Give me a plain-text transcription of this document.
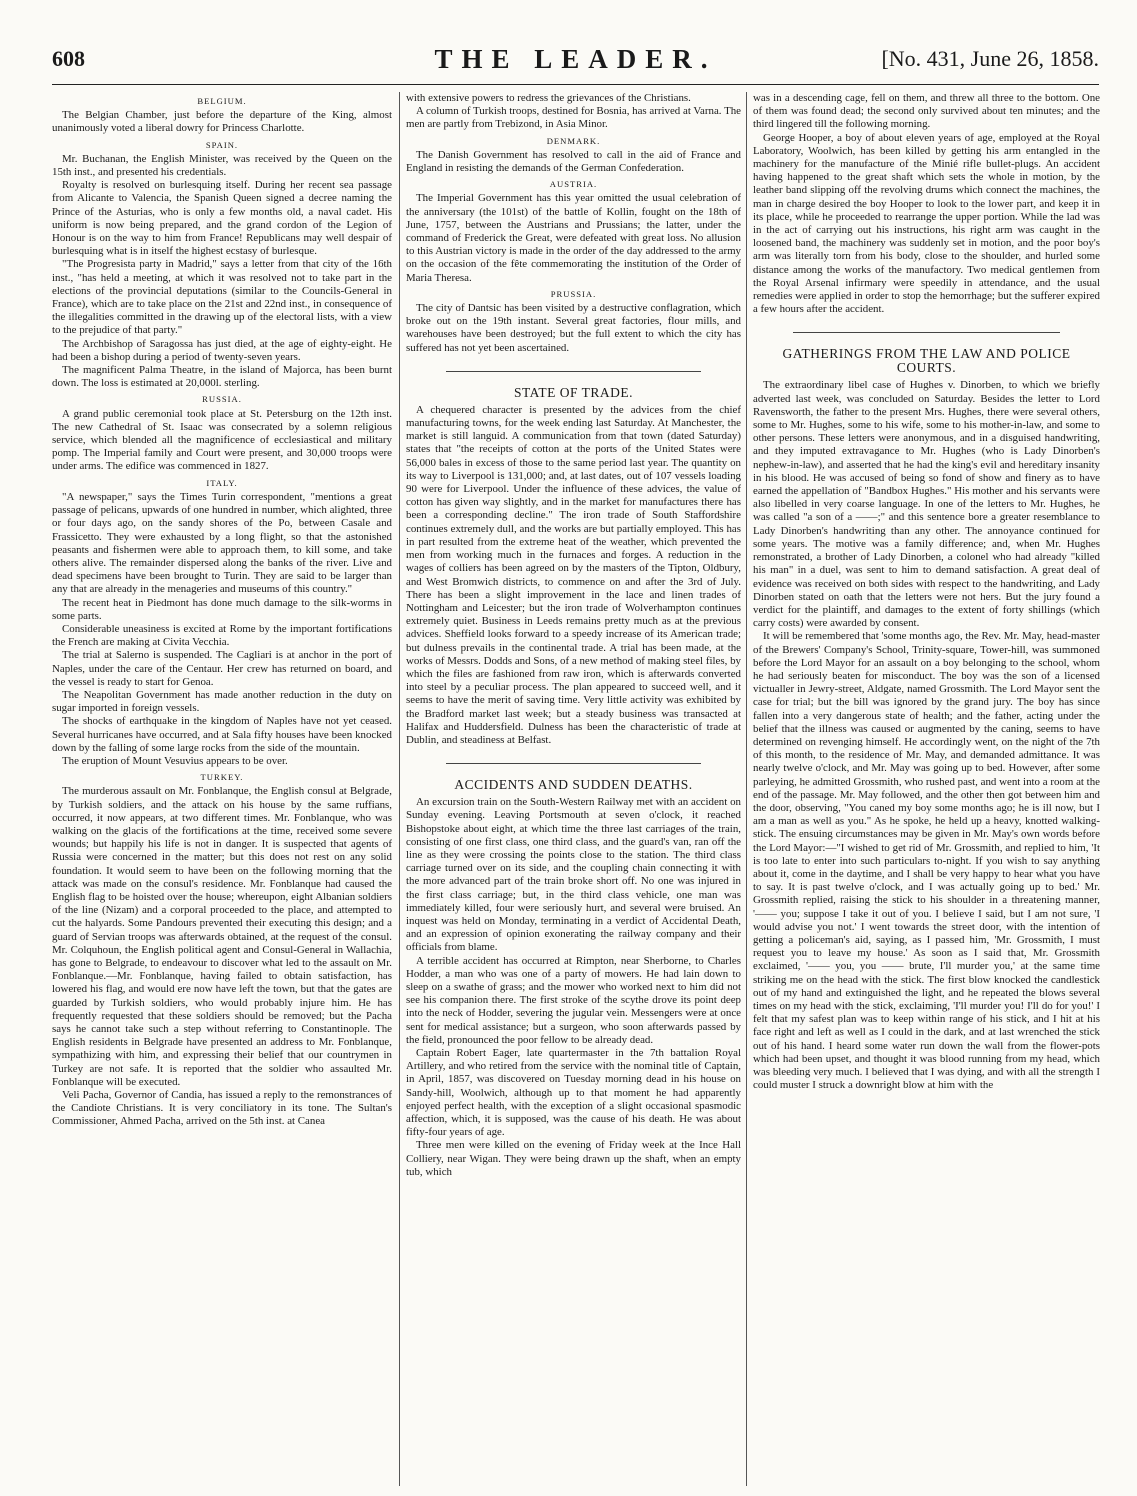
608	THE LEADER.	[No. 431, June 26, 1858.
BELGIUM.

The Belgian Chamber, just before the departure of the King, almost unanimously voted a liberal dowry for Princess Charlotte.

SPAIN.

Mr. Buchanan, the English Minister, was received by the Queen on the 15th inst., and presented his credentials.

Royalty is resolved on burlesquing itself. During her recent sea passage from Alicante to Valencia, the Spanish Queen signed a decree naming the Prince of the Asturias, who is only a few months old, a naval cadet. His uniform is now being prepared, and the grand cordon of the Legion of Honour is on the way to him from France! Republicans may well despair of burlesquing what is in itself the highest ecstasy of burlesque.

"The Progresista party in Madrid," says a letter from that city of the 16th inst., "has held a meeting, at which it was resolved not to take part in the elections of the provincial deputations (similar to the Councils-General in France), which are to take place on the 21st and 22nd inst., in consequence of the illegalities committed in the drawing up of the electoral lists, with a view to the prejudice of that party."

The Archbishop of Saragossa has just died, at the age of eighty-eight. He had been a bishop during a period of twenty-seven years.

The magnificent Palma Theatre, in the island of Majorca, has been burnt down. The loss is estimated at 20,000l. sterling.

RUSSIA.

A grand public ceremonial took place at St. Petersburg on the 12th inst. The new Cathedral of St. Isaac was consecrated by a solemn religious service, which blended all the magnificence of ecclesiastical and military pomp. The Imperial family and Court were present, and 30,000 troops were under arms. The edifice was commenced in 1827.

ITALY.

"A newspaper," says the Times Turin correspondent, "mentions a great passage of pelicans, upwards of one hundred in number, which alighted, three or four days ago, on the sandy shores of the Po, between Casale and Frassicetto. They were exhausted by a long flight, so that the astonished peasants and fishermen were able to approach them, to kill some, and take others alive. The remainder dispersed along the banks of the river. Live and dead specimens have been brought to Turin. They are said to be larger than any that are already in the menageries and museums of this country."

The recent heat in Piedmont has done much damage to the silk-worms in some parts.

Considerable uneasiness is excited at Rome by the important fortifications the French are making at Civita Vecchia.

The trial at Salerno is suspended. The Cagliari is at anchor in the port of Naples, under the care of the Centaur. Her crew has returned on board, and the vessel is ready to start for Genoa.

The Neapolitan Government has made another reduction in the duty on sugar imported in foreign vessels.

The shocks of earthquake in the kingdom of Naples have not yet ceased. Several hurricanes have occurred, and at Sala fifty houses have been knocked down by the falling of some large rocks from the side of the mountain.

The eruption of Mount Vesuvius appears to be over.

TURKEY.

The murderous assault on Mr. Fonblanque, the English consul at Belgrade, by Turkish soldiers, and the attack on his house by the same ruffians, occurred, it now appears, at two different times. Mr. Fonblanque, who was walking on the glacis of the fortifications at the time, received some severe wounds; but happily his life is not in danger. It is suspected that agents of Russia were concerned in the matter; but this does not rest on any solid foundation. It would seem to have been on the following morning that the attack was made on the consul's residence. Mr. Fonblanque had caused the English flag to be hoisted over the house; whereupon, eight Albanian soldiers of the line (Nizam) and a corporal proceeded to the place, and attempted to cut the halyards. Some Pandours prevented their executing this design; and a guard of Servian troops was afterwards obtained, at the request of the consul. Mr. Colquhoun, the English political agent and Consul-General in Wallachia, has gone to Belgrade, to endeavour to discover what led to the assault on Mr. Fonblanque.—Mr. Fonblanque, having failed to obtain satisfaction, has lowered his flag, and would ere now have left the town, but that the gates are guarded by Turkish soldiers, who would probably injure him. He has frequently requested that these soldiers should be removed; but the Pacha says he cannot take such a step without referring to Constantinople. The English residents in Belgrade have presented an address to Mr. Fonblanque, sympathizing with him, and expressing their belief that our countrymen in Turkey are not safe. It is reported that the soldier who assaulted Mr. Fonblanque will be executed.

Veli Pacha, Governor of Candia, has issued a reply to the remonstrances of the Candiote Christians. It is very conciliatory in its tone. The Sultan's Commissioner, Ahmed Pacha, arrived on the 5th inst. at Canea

with extensive powers to redress the grievances of the Christians.

A column of Turkish troops, destined for Bosnia, has arrived at Varna. The men are partly from Trebizond, in Asia Minor.

DENMARK.

The Danish Government has resolved to call in the aid of France and England in resisting the demands of the German Confederation.

AUSTRIA.

The Imperial Government has this year omitted the usual celebration of the anniversary (the 101st) of the battle of Kollin, fought on the 18th of June, 1757, between the Austrians and Prussians; the latter, under the command of Frederick the Great, were defeated with great loss. No allusion to this Austrian victory is made in the order of the day addressed to the army on the occasion of the fête commemorating the institution of the Order of Maria Theresa.

PRUSSIA.

The city of Dantsic has been visited by a destructive conflagration, which broke out on the 19th instant. Several great factories, flour mills, and warehouses have been destroyed; but the full extent to which the city has suffered has not yet been ascertained.

STATE OF TRADE.

A chequered character is presented by the advices from the chief manufacturing towns, for the week ending last Saturday. At Manchester, the market is still languid. A communication from that town (dated Saturday) states that "the receipts of cotton at the ports of the United States were 56,000 bales in excess of those to the same period last year. The quantity on its way to Liverpool is 131,000; and, at last dates, out of 107 vessels loading 90 were for Liverpool. Under the influence of these advices, the value of cotton has given way slightly, and in the market for manufactures there has been a corresponding decline." The iron trade of South Staffordshire continues extremely dull, and the works are but partially employed. This has in part resulted from the extreme heat of the weather, which prevented the men from working much in the furnaces and forges. A reduction in the wages of colliers has been agreed on by the masters of the Tipton, Oldbury, and West Bromwich districts, to commence on and after the 3rd of July. There has been a slight improvement in the lace and linen trades of Nottingham and Leicester; but the iron trade of Wolverhampton continues extremely quiet. Business in Leeds remains pretty much as at the previous advices. Sheffield looks forward to a speedy increase of its American trade; but dulness prevails in the continental trade. A trial has been made, at the works of Messrs. Dodds and Sons, of a new method of making steel files, by which the files are fashioned from raw iron, which is afterwards converted into steel by a peculiar process. The plan appeared to succeed well, and it seems to have the merit of saving time. Very little activity was exhibited by the Bradford market last week; but a steady business was transacted at Halifax and Huddersfield. Dulness has been the characteristic of trade at Dublin, and steadiness at Belfast.

ACCIDENTS AND SUDDEN DEATHS.

An excursion train on the South-Western Railway met with an accident on Sunday evening. Leaving Portsmouth at seven o'clock, it reached Bishopstoke about eight, at which time the three last carriages of the train, consisting of one first class, one third class, and the guard's van, ran off the line as they were crossing the points close to the station. The third class carriage turned over on its side, and the coupling chain connecting it with the more advanced part of the train broke short off. No one was injured in the first class carriage; but, in the third class vehicle, one man was immediately killed, four were seriously hurt, and several were bruised. An inquest was held on Monday, terminating in a verdict of Accidental Death, and an expression of opinion exonerating the railway company and their officials from blame.

A terrible accident has occurred at Rimpton, near Sherborne, to Charles Hodder, a man who was one of a party of mowers. He had lain down to sleep on a swathe of grass; and the mower who worked next to him did not see his companion there. The first stroke of the scythe drove its point deep into the neck of Hodder, severing the jugular vein. Messengers were at once sent for medical assistance; but a surgeon, who soon afterwards passed by the field, pronounced the poor fellow to be already dead.

Captain Robert Eager, late quartermaster in the 7th battalion Royal Artillery, and who retired from the service with the nominal title of Captain, in April, 1857, was discovered on Tuesday morning dead in his house on Sandy-hill, Woolwich, although up to that moment he had apparently enjoyed perfect health, with the exception of a slight occasional spasmodic affection, which, it is supposed, was the cause of his death. He was about fifty-four years of age.

Three men were killed on the evening of Friday week at the Ince Hall Colliery, near Wigan. They were being drawn up the shaft, when an empty tub, which

was in a descending cage, fell on them, and threw all three to the bottom. One of them was found dead; the second only survived about ten minutes; and the third lingered till the following morning.

George Hooper, a boy of about eleven years of age, employed at the Royal Laboratory, Woolwich, has been killed by getting his arm entangled in the machinery for the manufacture of the Minié rifle bullet-plugs. An accident having happened to the great shaft which sets the whole in motion, by the leather band slipping off the revolving drums which connect the machines, the man in charge desired the boy Hooper to look to the lower part, and keep it in its place, while he proceeded to rearrange the upper portion. While the lad was in the act of carrying out his instructions, his right arm was caught in the loosened band, the machinery was suddenly set in motion, and the poor boy's arm was literally torn from his body, close to the shoulder, and hurled some distance among the works of the manufactory. Two medical gentlemen from the Royal Arsenal infirmary were speedily in attendance, and the usual remedies were applied in order to stop the hemorrhage; but the sufferer expired a few hours after the accident.

GATHERINGS FROM THE LAW AND POLICE COURTS.

The extraordinary libel case of Hughes v. Dinorben, to which we briefly adverted last week, was concluded on Saturday. Besides the letter to Lord Ravensworth, the father to the present Mrs. Hughes, there were several others, some to Mr. Hughes, some to his wife, some to his mother-in-law, and some to other persons. These letters were anonymous, and in a disguised handwriting, and they imputed extravagance to Mr. Hughes (who is Lady Dinorben's nephew-in-law), and asserted that he had the king's evil and hereditary insanity in his blood. He was accused of being so fond of show and finery as to have earned the appellation of "Bandbox Hughes." His mother and his servants were also libelled in very coarse language. In one of the letters to Mr. Hughes, he was called "a son of a ——;" and this sentence bore a greater resemblance to Lady Dinorben's handwriting than any other. The annoyance continued for some years. The motive was a family difference; and, when Mr. Hughes remonstrated, a brother of Lady Dinorben, a colonel who had already "killed his man" in a duel, was sent to him to demand satisfaction. A great deal of evidence was received on both sides with respect to the handwriting, and Lady Dinorben stated on oath that the letters were not hers. But the jury found a verdict for the plaintiff, and damages to the extent of forty shillings (which carry costs) were awarded by consent.

It will be remembered that 'some months ago, the Rev. Mr. May, head-master of the Brewers' Company's School, Trinity-square, Tower-hill, was summoned before the Lord Mayor for an assault on a boy belonging to the school, whom he had seriously beaten for misconduct. The boy was the son of a licensed victualler in Jewry-street, Aldgate, named Grossmith. The Lord Mayor sent the case for trial; but the bill was ignored by the grand jury. The boy has since fallen into a very dangerous state of health; and the father, acting under the belief that the illness was caused or augmented by the caning, seems to have determined on revenging himself. He accordingly went, on the night of the 7th of this month, to the residence of Mr. May, and demanded admittance. It was nearly twelve o'clock, and Mr. May was going up to bed. However, after some parleying, he admitted Grossmith, who rushed past, and went into a room at the end of the passage. Mr. May followed, and the other then got between him and the door, observing, "You caned my boy some months ago; he is ill now, but I am a man as well as you." As he spoke, he held up a heavy, knotted walking-stick. The ensuing circumstances may be given in Mr. May's own words before the Lord Mayor:—"I wished to get rid of Mr. Grossmith, and replied to him, 'It is too late to enter into such particulars to-night. If you wish to say anything about it, come in the daytime, and I shall be very happy to hear what you have to say. It is past twelve o'clock, and I was actually going up to bed.' Mr. Grossmith replied, raising the stick to his shoulder in a threatening manner, '—— you; suppose I take it out of you. I believe I said, but I am not sure, 'I would advise you not.' I went towards the street door, with the intention of getting a policeman's aid, saying, as I passed him, 'Mr. Grossmith, I must request you to leave my house.' As soon as I said that, Mr. Grossmith exclaimed, '—— you, you —— brute, I'll murder you,' at the same time striking me on the head with the stick. The first blow knocked the candlestick out of my hand and extinguished the light, and he repeated the blows several times on my head with the stick, exclaiming, 'I'll murder you! I'll do for you!' I felt that my safest plan was to keep within range of his stick, and I hit at his face right and left as well as I could in the dark, and at last wrenched the stick out of his hand. I heard some water run down the wall from the flower-pots which had been upset, and thought it was blood running from my head, which was bleeding very much. I believed that I was dying, and with all the strength I could muster I struck a downright blow at him with the
